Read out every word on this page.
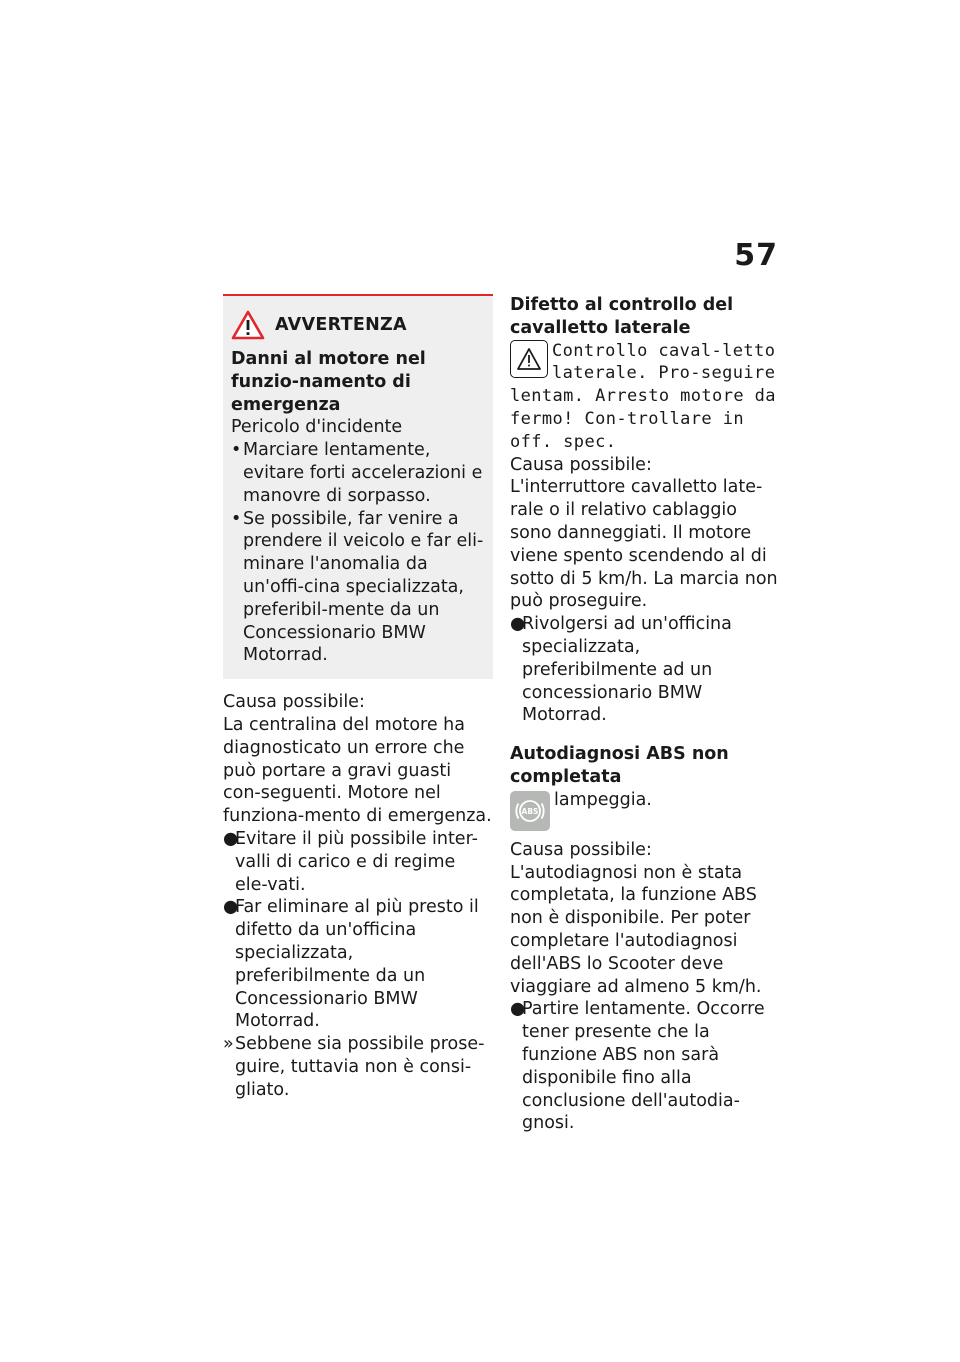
57
AVVERTENZA
Danni al motore nel funzio-namento di emergenza
Pericolo d'incidente
• Marciare lentamente, evitare forti accelerazioni e manovre di sorpasso.
• Se possibile, far venire a prendere il veicolo e far eli-minare l'anomalia da un'offi-cina specializzata, preferibil-mente da un Concessionario BMW Motorrad.
Causa possibile:

La centralina del motore ha diagnosticato un errore che può portare a gravi guasti con-seguenti. Motore nel funziona-mento di emergenza.

●
Evitare il più possibile inter-valli di carico e di regime ele-vati.
●
Far eliminare al più presto il difetto da un'officina specializzata, preferibilmente da un Concessionario BMW Motorrad.
» Sebbene sia possibile prose-guire, tuttavia non è consi-gliato.
Difetto al controllo del cavalletto laterale
Controllo caval-letto laterale. Pro-seguire lentam. Arresto motore da fermo! Con-trollare in off. spec.
Causa possibile:

L'interruttore cavalletto late-rale o il relativo cablaggio sono danneggiati. Il motore viene spento scendendo al di sotto di 5 km/h. La marcia non può proseguire.

●
Rivolgersi ad un'officina specializzata, preferibilmente ad un concessionario BMW Motorrad.
Autodiagnosi ABS non completata
ABS
lampeggia.
Causa possibile:

L'autodiagnosi non è stata completata, la funzione ABS non è disponibile. Per poter completare l'autodiagnosi dell'ABS lo Scooter deve viaggiare ad almeno 5 km/h.

●
Partire lentamente. Occorre tener presente che la funzione ABS non sarà disponibile fino alla conclusione dell'autodia-gnosi.
